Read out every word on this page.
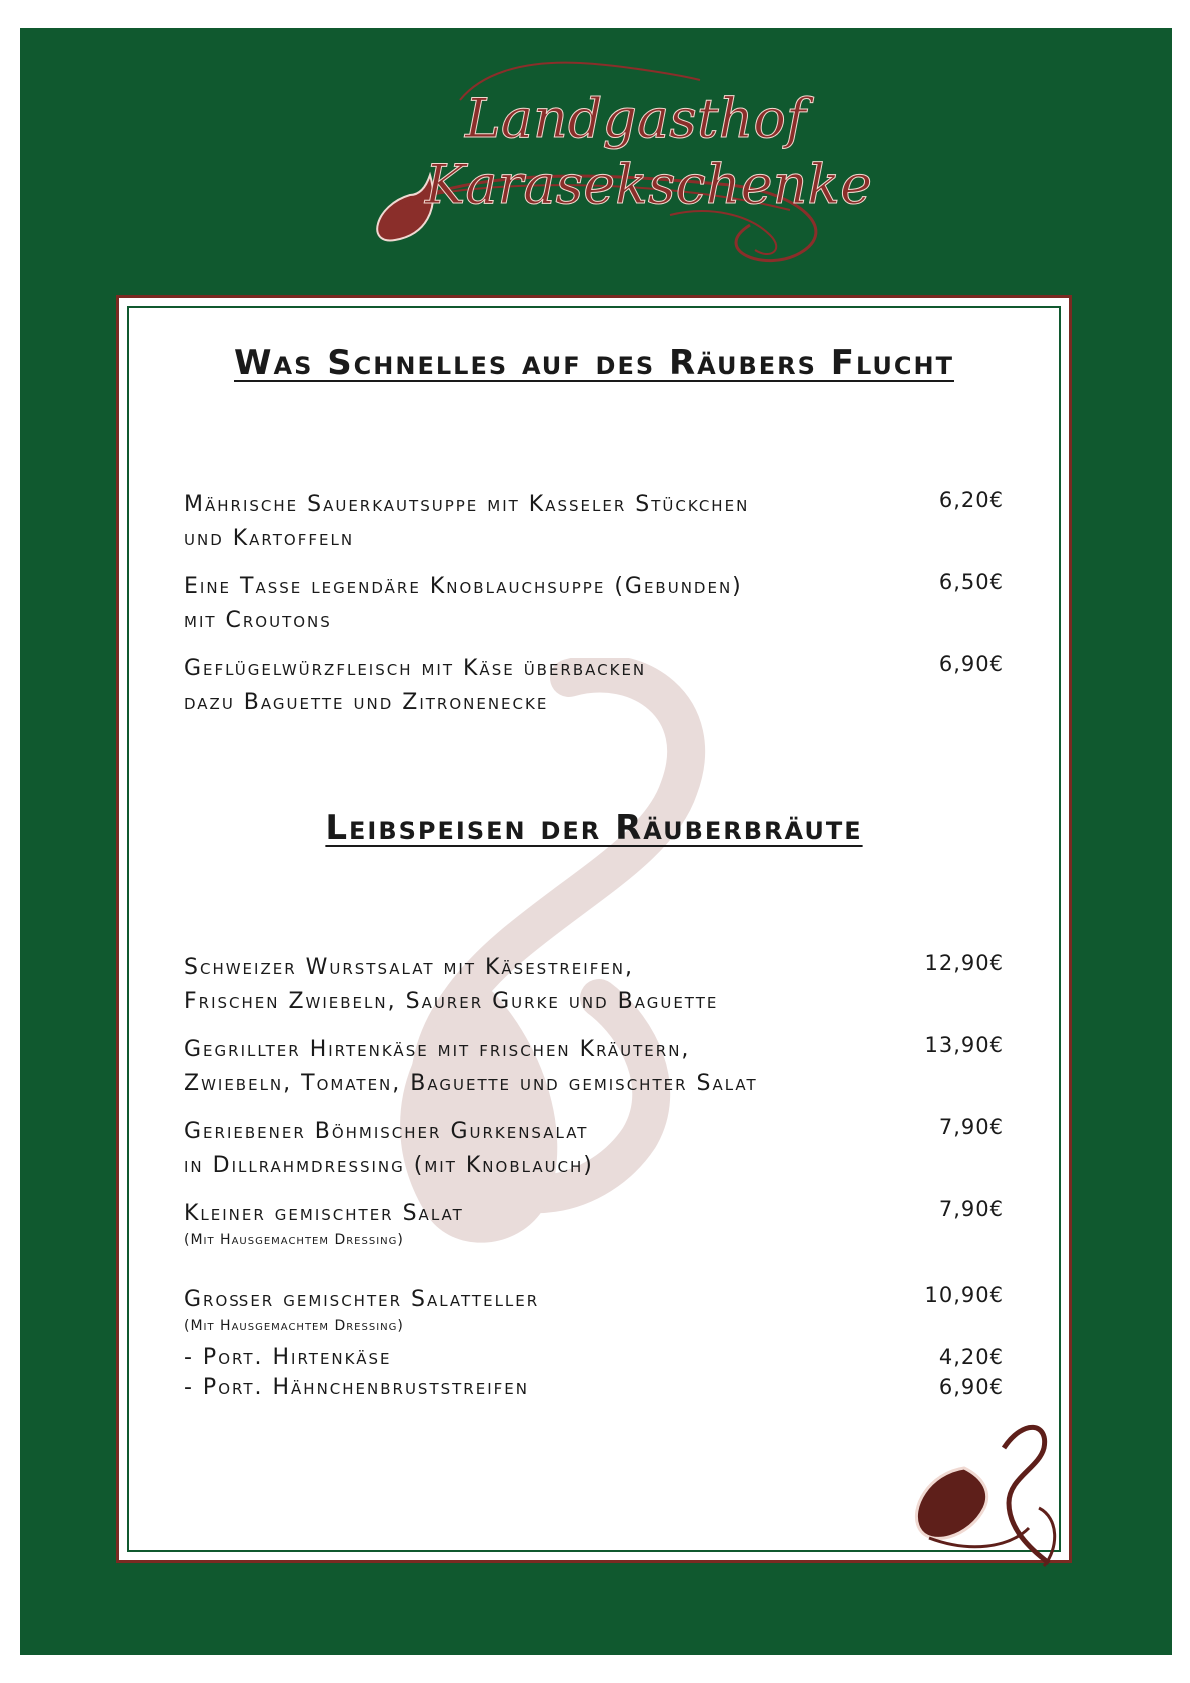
Landgasthof
Karasekschenke
Was Schnelles auf des Räubers Flucht
Mährische Sauerkautsuppe mit Kasseler Stückchen
und Kartoffeln
6,20€
Eine Tasse legendäre Knoblauchsuppe (Gebunden)
mit Croutons
6,50€
Geflügelwürzfleisch mit Käse überbacken
dazu Baguette und Zitronenecke
6,90€
Leibspeisen der Räuberbräute
Schweizer Wurstsalat mit Käsestreifen,
Frischen Zwiebeln, Saurer Gurke und Baguette
12,90€
Gegrillter Hirtenkäse mit frischen Kräutern,
Zwiebeln, Tomaten, Baguette und gemischter Salat
13,90€
Geriebener Böhmischer Gurkensalat
in Dillrahmdressing (mit Knoblauch)
7,90€
Kleiner gemischter Salat
(Mit Hausgemachtem Dressing)
7,90€
Großer gemischter Salatteller
(Mit Hausgemachtem Dressing)
10,90€
- Port. Hirtenkäse	4,20€
- Port. Hähnchenbruststreifen	6,90€
